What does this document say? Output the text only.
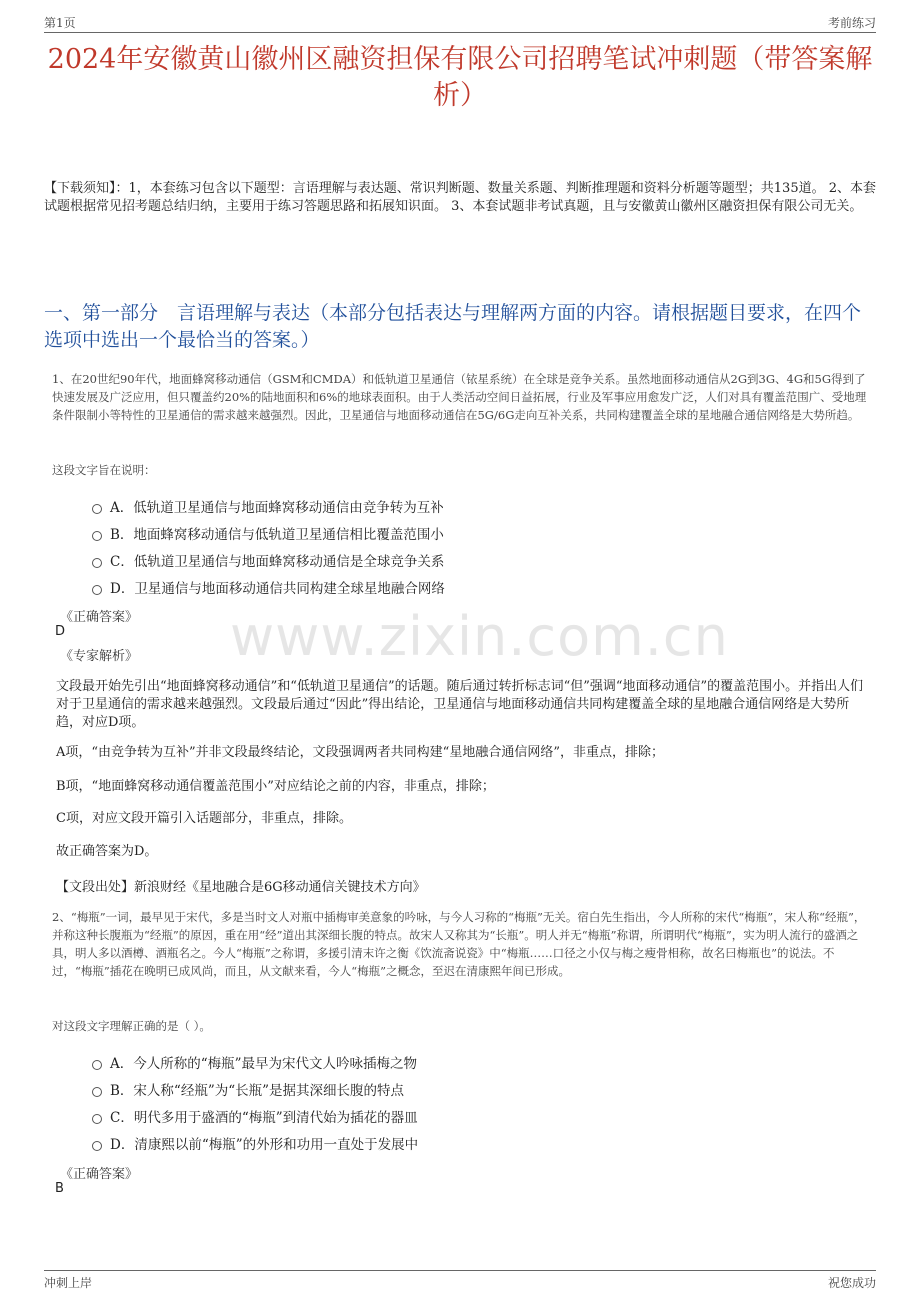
第1页	考前练习
2024年安徽黄山徽州区融资担保有限公司招聘笔试冲刺题（带答案解析）
【下载须知】：1，本套练习包含以下题型：言语理解与表达题、常识判断题、数量关系题、判断推理题和资料分析题等题型；共135道。 2、本套试题根据常见招考题总结归纳，主要用于练习答题思路和拓展知识面。 3、本套试题非考试真题，且与安徽黄山徽州区融资担保有限公司无关。
一、第一部分　言语理解与表达（本部分包括表达与理解两方面的内容。请根据题目要求，在四个选项中选出一个最恰当的答案。）
www.zixin.com.cn
1、在20世纪90年代，地面蜂窝移动通信（GSM和CMDA）和低轨道卫星通信（铱星系统）在全球是竞争关系。虽然地面移动通信从2G到3G、4G和5G得到了快速发展及广泛应用，但只覆盖约20%的陆地面积和6%的地球表面积。由于人类活动空间日益拓展，行业及军事应用愈发广泛，人们对具有覆盖范围广、受地理条件限制小等特性的卫星通信的需求越来越强烈。因此，卫星通信与地面移动通信在5G/6G走向互补关系，共同构建覆盖全球的星地融合通信网络是大势所趋。
这段文字旨在说明：
A．低轨道卫星通信与地面蜂窝移动通信由竞争转为互补
B．地面蜂窝移动通信与低轨道卫星通信相比覆盖范围小
C．低轨道卫星通信与地面蜂窝移动通信是全球竞争关系
D．卫星通信与地面移动通信共同构建全球星地融合网络
《正确答案》
D
《专家解析》
文段最开始先引出“地面蜂窝移动通信”和“低轨道卫星通信”的话题。随后通过转折标志词“但”强调“地面移动通信”的覆盖范围小。并指出人们对于卫星通信的需求越来越强烈。文段最后通过“因此”得出结论，卫星通信与地面移动通信共同构建覆盖全球的星地融合通信网络是大势所趋，对应D项。
A项，“由竞争转为互补”并非文段最终结论，文段强调两者共同构建“星地融合通信网络”，非重点，排除；
B项，“地面蜂窝移动通信覆盖范围小”对应结论之前的内容，非重点，排除；
C项，对应文段开篇引入话题部分，非重点，排除。
故正确答案为D。
【文段出处】新浪财经《星地融合是6G移动通信关键技术方向》
2、“梅瓶”一词，最早见于宋代，多是当时文人对瓶中插梅审美意象的吟咏，与今人习称的“梅瓶”无关。宿白先生指出，今人所称的宋代“梅瓶”，宋人称“经瓶”，并称这种长腹瓶为“经瓶”的原因，重在用“经”道出其深细长腹的特点。故宋人又称其为“长瓶”。明人并无“梅瓶”称谓，所谓明代“梅瓶”，实为明人流行的盛酒之具，明人多以酒樽、酒瓶名之。今人“梅瓶”之称谓，多援引清末许之衡《饮流斋说瓷》中“梅瓶……口径之小仅与梅之瘦骨相称，故名曰梅瓶也”的说法。不过，“梅瓶”插花在晚明已成风尚，而且，从文献来看，今人“梅瓶”之概念，至迟在清康熙年间已形成。
对这段文字理解正确的是（ ）。
A．今人所称的“梅瓶”最早为宋代文人吟咏插梅之物
B．宋人称“经瓶”为“长瓶”是据其深细长腹的特点
C．明代多用于盛酒的“梅瓶”到清代始为插花的器皿
D．清康熙以前“梅瓶”的外形和功用一直处于发展中
《正确答案》
B
冲刺上岸	祝您成功
